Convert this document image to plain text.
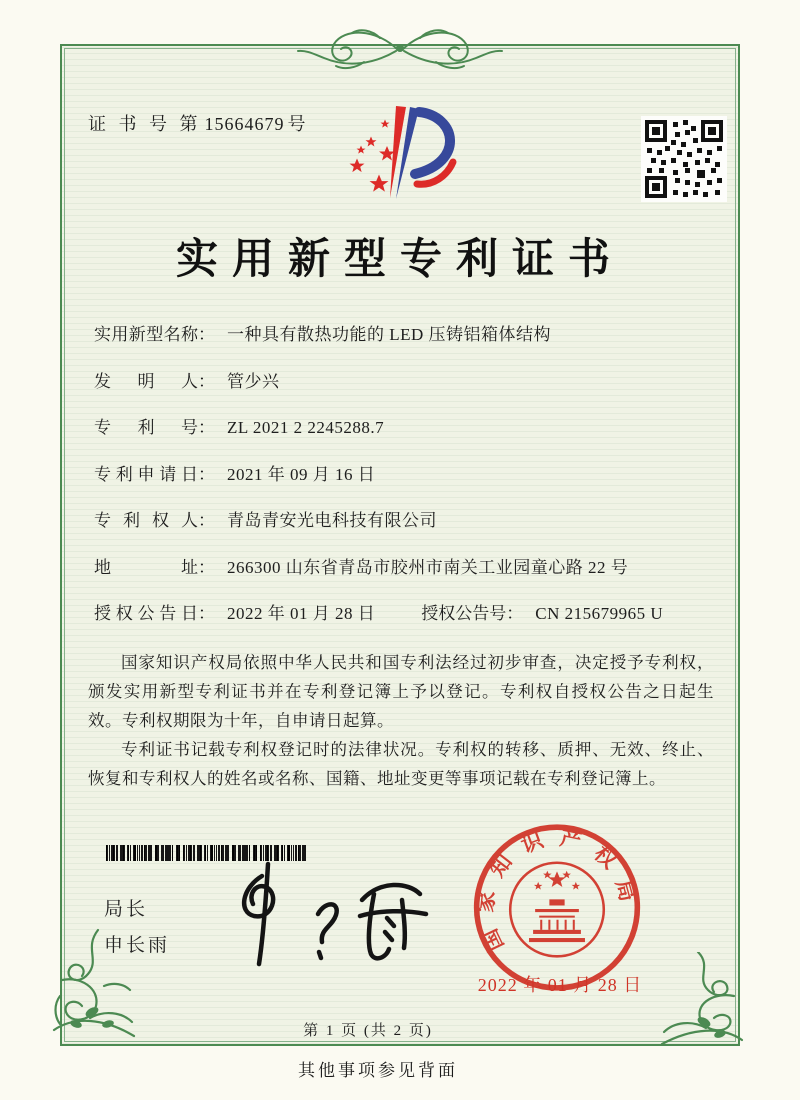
证 书 号 第 15664679 号
实用新型专利证书
实用新型名称： 一种具有散热功能的 LED 压铸铝箱体结构
发明人： 管少兴
专利号： ZL 2021 2 2245288.7
专利申请日： 2021 年 09 月 16 日
专利权人： 青岛青安光电科技有限公司
地址： 266300 山东省青岛市胶州市南关工业园童心路 22 号
授权公告日： 2022 年 01 月 28 日	授权公告号： CN 215679965 U

国家知识产权局依照中华人民共和国专利法经过初步审查，决定授予专利权，颁发实用新型专利证书并在专利登记簿上予以登记。专利权自授权公告之日起生效。专利权期限为十年，自申请日起算。

专利证书记载专利权登记时的法律状况。专利权的转移、质押、无效、终止、恢复和专利权人的姓名或名称、国籍、地址变更等事项记载在专利登记簿上。

局长
申长雨	国家知识产权局
2022 年 01 月 28 日
第 1 页 (共 2 页)
其他事项参见背面
